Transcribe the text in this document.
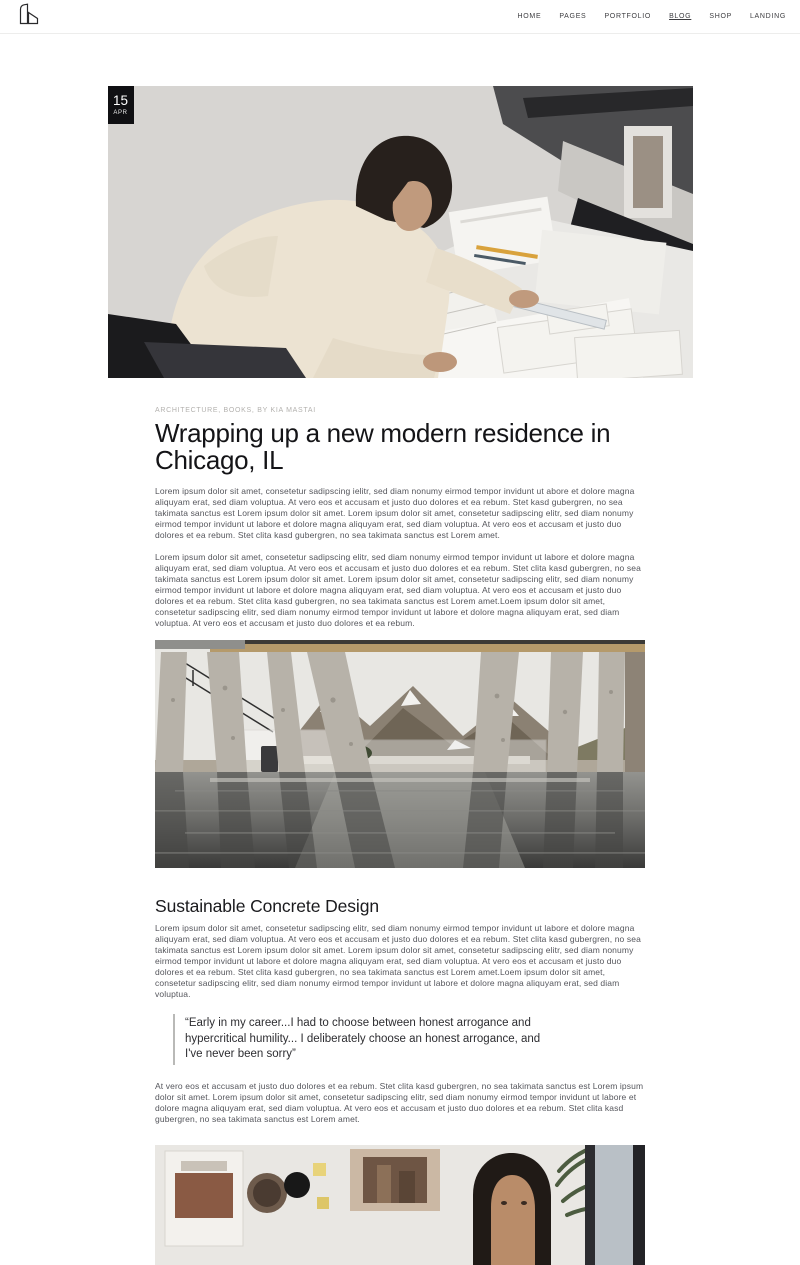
HOME	PAGES	PORTFOLIO	BLOG	SHOP	LANDING
15
APR
ARCHITECTURE, BOOKS, BY KIA MASTAI
Wrapping up a new modern residence in Chicago, IL

Lorem ipsum dolor sit amet, consetetur sadipscing ielitr, sed diam nonumy eirmod tempor invidunt ut abore et dolore magna aliquyam erat, sed diam voluptua. At vero eos et accusam et justo duo dolores et ea rebum. Stet kasd gubergren, no sea takimata sanctus est Lorem ipsum dolor sit amet. Lorem ipsum dolor sit amet, consetetur sadipscing elitr, sed diam nonumy eirmod tempor invidunt ut labore et dolore magna aliquyam erat, sed diam voluptua. At vero eos et accusam et justo duo dolores et ea rebum. Stet clita kasd gubergren, no sea takimata sanctus est Lorem amet.

Lorem ipsum dolor sit amet, consetetur sadipscing elitr, sed diam nonumy eirmod tempor invidunt ut labore et dolore magna aliquyam erat, sed diam voluptua. At vero eos et accusam et justo duo dolores et ea rebum. Stet clita kasd gubergren, no sea takimata sanctus est Lorem ipsum dolor sit amet. Lorem ipsum dolor sit amet, consetetur sadipscing elitr, sed diam nonumy eirmod tempor invidunt ut labore et dolore magna aliquyam erat, sed diam voluptua. At vero eos et accusam et justo duo dolores et ea rebum. Stet clita kasd gubergren, no sea takimata sanctus est Lorem amet.Loem ipsum dolor sit amet, consetetur sadipscing elitr, sed diam nonumy eirmod tempor invidunt ut labore et dolore magna aliquyam erat, sed diam voluptua. At vero eos et accusam et justo duo dolores et ea rebum.

Sustainable Concrete Design

Lorem ipsum dolor sit amet, consetetur sadipscing elitr, sed diam nonumy eirmod tempor invidunt ut labore et dolore magna aliquyam erat, sed diam voluptua. At vero eos et accusam et justo duo dolores et ea rebum. Stet clita kasd gubergren, no sea takimata sanctus est Lorem ipsum dolor sit amet. Lorem ipsum dolor sit amet, consetetur sadipscing elitr, sed diam nonumy eirmod tempor invidunt ut labore et dolore magna aliquyam erat, sed diam voluptua. At vero eos et accusam et justo duo dolores et ea rebum. Stet clita kasd gubergren, no sea takimata sanctus est Lorem amet.Loem ipsum dolor sit amet, consetetur sadipscing elitr, sed diam nonumy eirmod tempor invidunt ut labore et dolore magna aliquyam erat, sed diam voluptua.

“Early in my career...I had to choose between honest arrogance and hypercritical humility... I deliberately choose an honest arrogance, and I've never been sorry”

At vero eos et accusam et justo duo dolores et ea rebum. Stet clita kasd gubergren, no sea takimata sanctus est Lorem ipsum dolor sit amet. Lorem ipsum dolor sit amet, consetetur sadipscing elitr, sed diam nonumy eirmod tempor invidunt ut labore et dolore magna aliquyam erat, sed diam voluptua. At vero eos et accusam et justo duo dolores et ea rebum. Stet clita kasd gubergren, no sea takimata sanctus est Lorem amet.
